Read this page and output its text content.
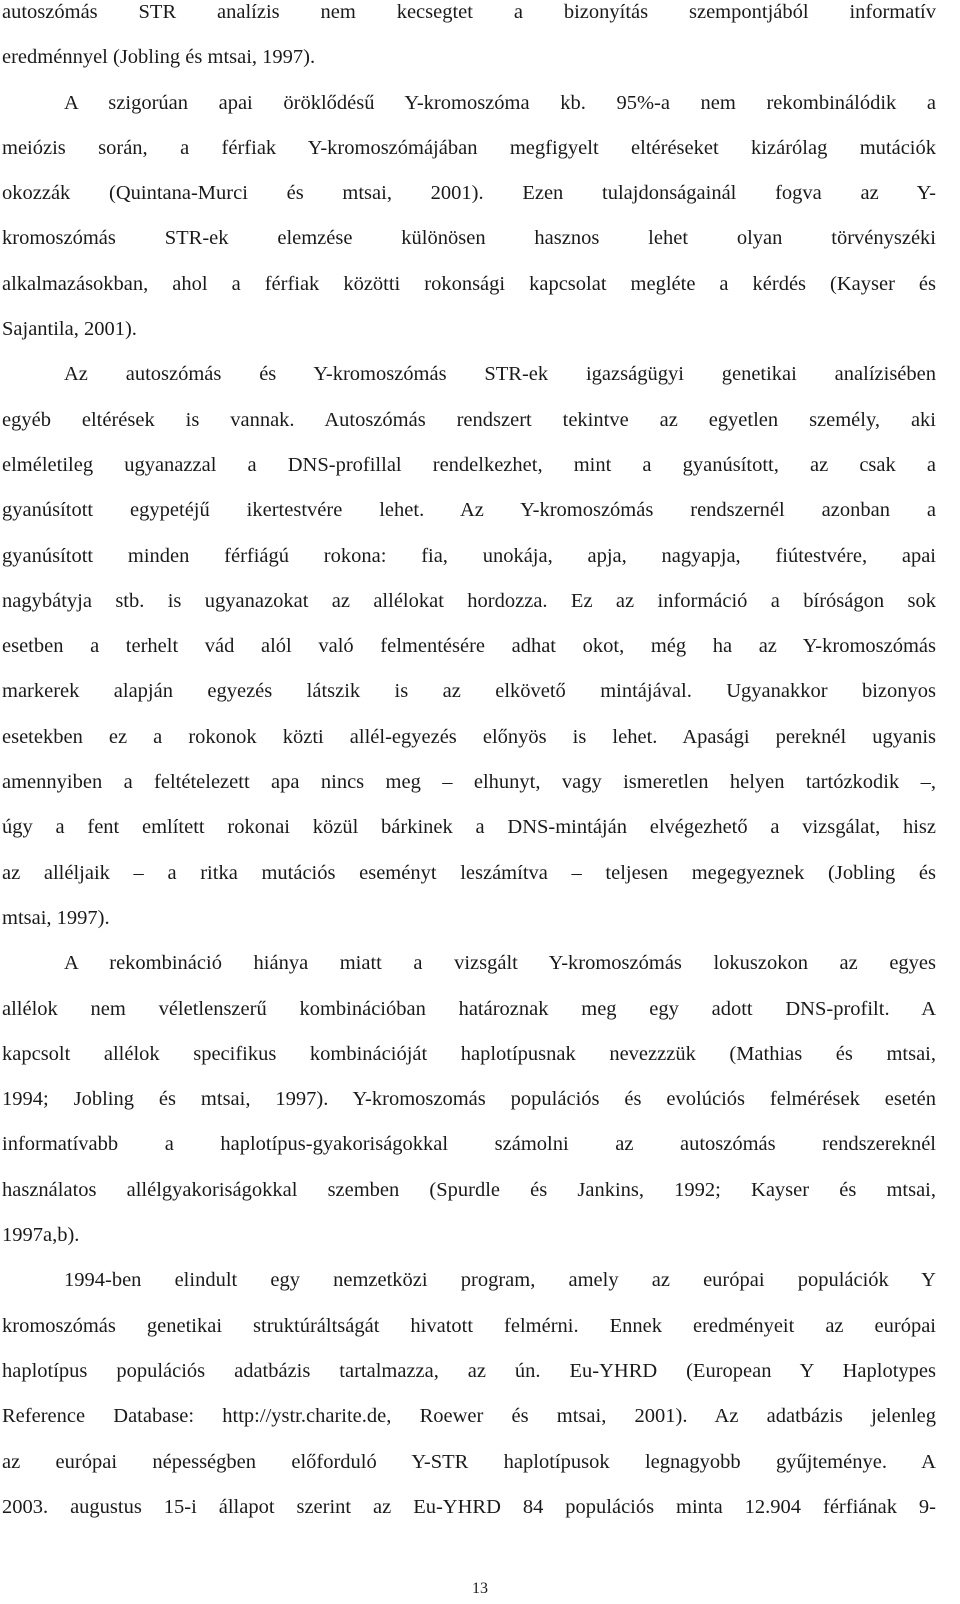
autoszómás STR analízis nem kecsegtet a bizonyítás szempontjából informatív
eredménnyel (Jobling és mtsai, 1997).
A szigorúan apai öröklődésű Y-kromoszóma kb. 95%-a nem rekombinálódik a
meiózis során, a férfiak Y-kromoszómájában megfigyelt eltéréseket kizárólag mutációk
okozzák (Quintana-Murci és mtsai, 2001). Ezen tulajdonságainál fogva az Y-
kromoszómás STR-ek elemzése különösen hasznos lehet olyan törvényszéki
alkalmazásokban, ahol a férfiak közötti rokonsági kapcsolat megléte a kérdés (Kayser és
Sajantila, 2001).
Az autoszómás és Y-kromoszómás STR-ek igazságügyi genetikai analízisében
egyéb eltérések is vannak. Autoszómás rendszert tekintve az egyetlen személy, aki
elméletileg ugyanazzal a DNS-profillal rendelkezhet, mint a gyanúsított, az csak a
gyanúsított egypetéjű ikertestvére lehet. Az Y-kromoszómás rendszernél azonban a
gyanúsított minden férfiágú rokona: fia, unokája, apja, nagyapja, fiútestvére, apai
nagybátyja stb. is ugyanazokat az allélokat hordozza. Ez az információ a bíróságon sok
esetben a terhelt vád alól való felmentésére adhat okot, még ha az Y-kromoszómás
markerek alapján egyezés látszik is az elkövető mintájával. Ugyanakkor bizonyos
esetekben ez a rokonok közti allél-egyezés előnyös is lehet. Apasági pereknél ugyanis
amennyiben a feltételezett apa nincs meg – elhunyt, vagy ismeretlen helyen tartózkodik –,
úgy a fent említett rokonai közül bárkinek a DNS-mintáján elvégezhető a vizsgálat, hisz
az alléljaik – a ritka mutációs eseményt leszámítva – teljesen megegyeznek (Jobling és
mtsai, 1997).
A rekombináció hiánya miatt a vizsgált Y-kromoszómás lokuszokon az egyes
allélok nem véletlenszerű kombinációban határoznak meg egy adott DNS-profilt. A
kapcsolt allélok specifikus kombinációját haplotípusnak nevezzzük (Mathias és mtsai,
1994; Jobling és mtsai, 1997). Y-kromoszomás populációs és evolúciós felmérések esetén
informatívabb a haplotípus-gyakoriságokkal számolni az autoszómás rendszereknél
használatos allélgyakoriságokkal szemben (Spurdle és Jankins, 1992; Kayser és mtsai,
1997a,b).
1994-ben elindult egy nemzetközi program, amely az európai populációk Y
kromoszómás genetikai struktúráltságát hivatott felmérni. Ennek eredményeit az európai
haplotípus populációs adatbázis tartalmazza, az ún. Eu-YHRD (European Y Haplotypes
Reference Database: http://ystr.charite.de, Roewer és mtsai, 2001). Az adatbázis jelenleg
az európai népességben előforduló Y-STR haplotípusok legnagyobb gyűjteménye. A
2003. augustus 15-i állapot szerint az Eu-YHRD 84 populációs minta 12.904 férfiának 9-
13
